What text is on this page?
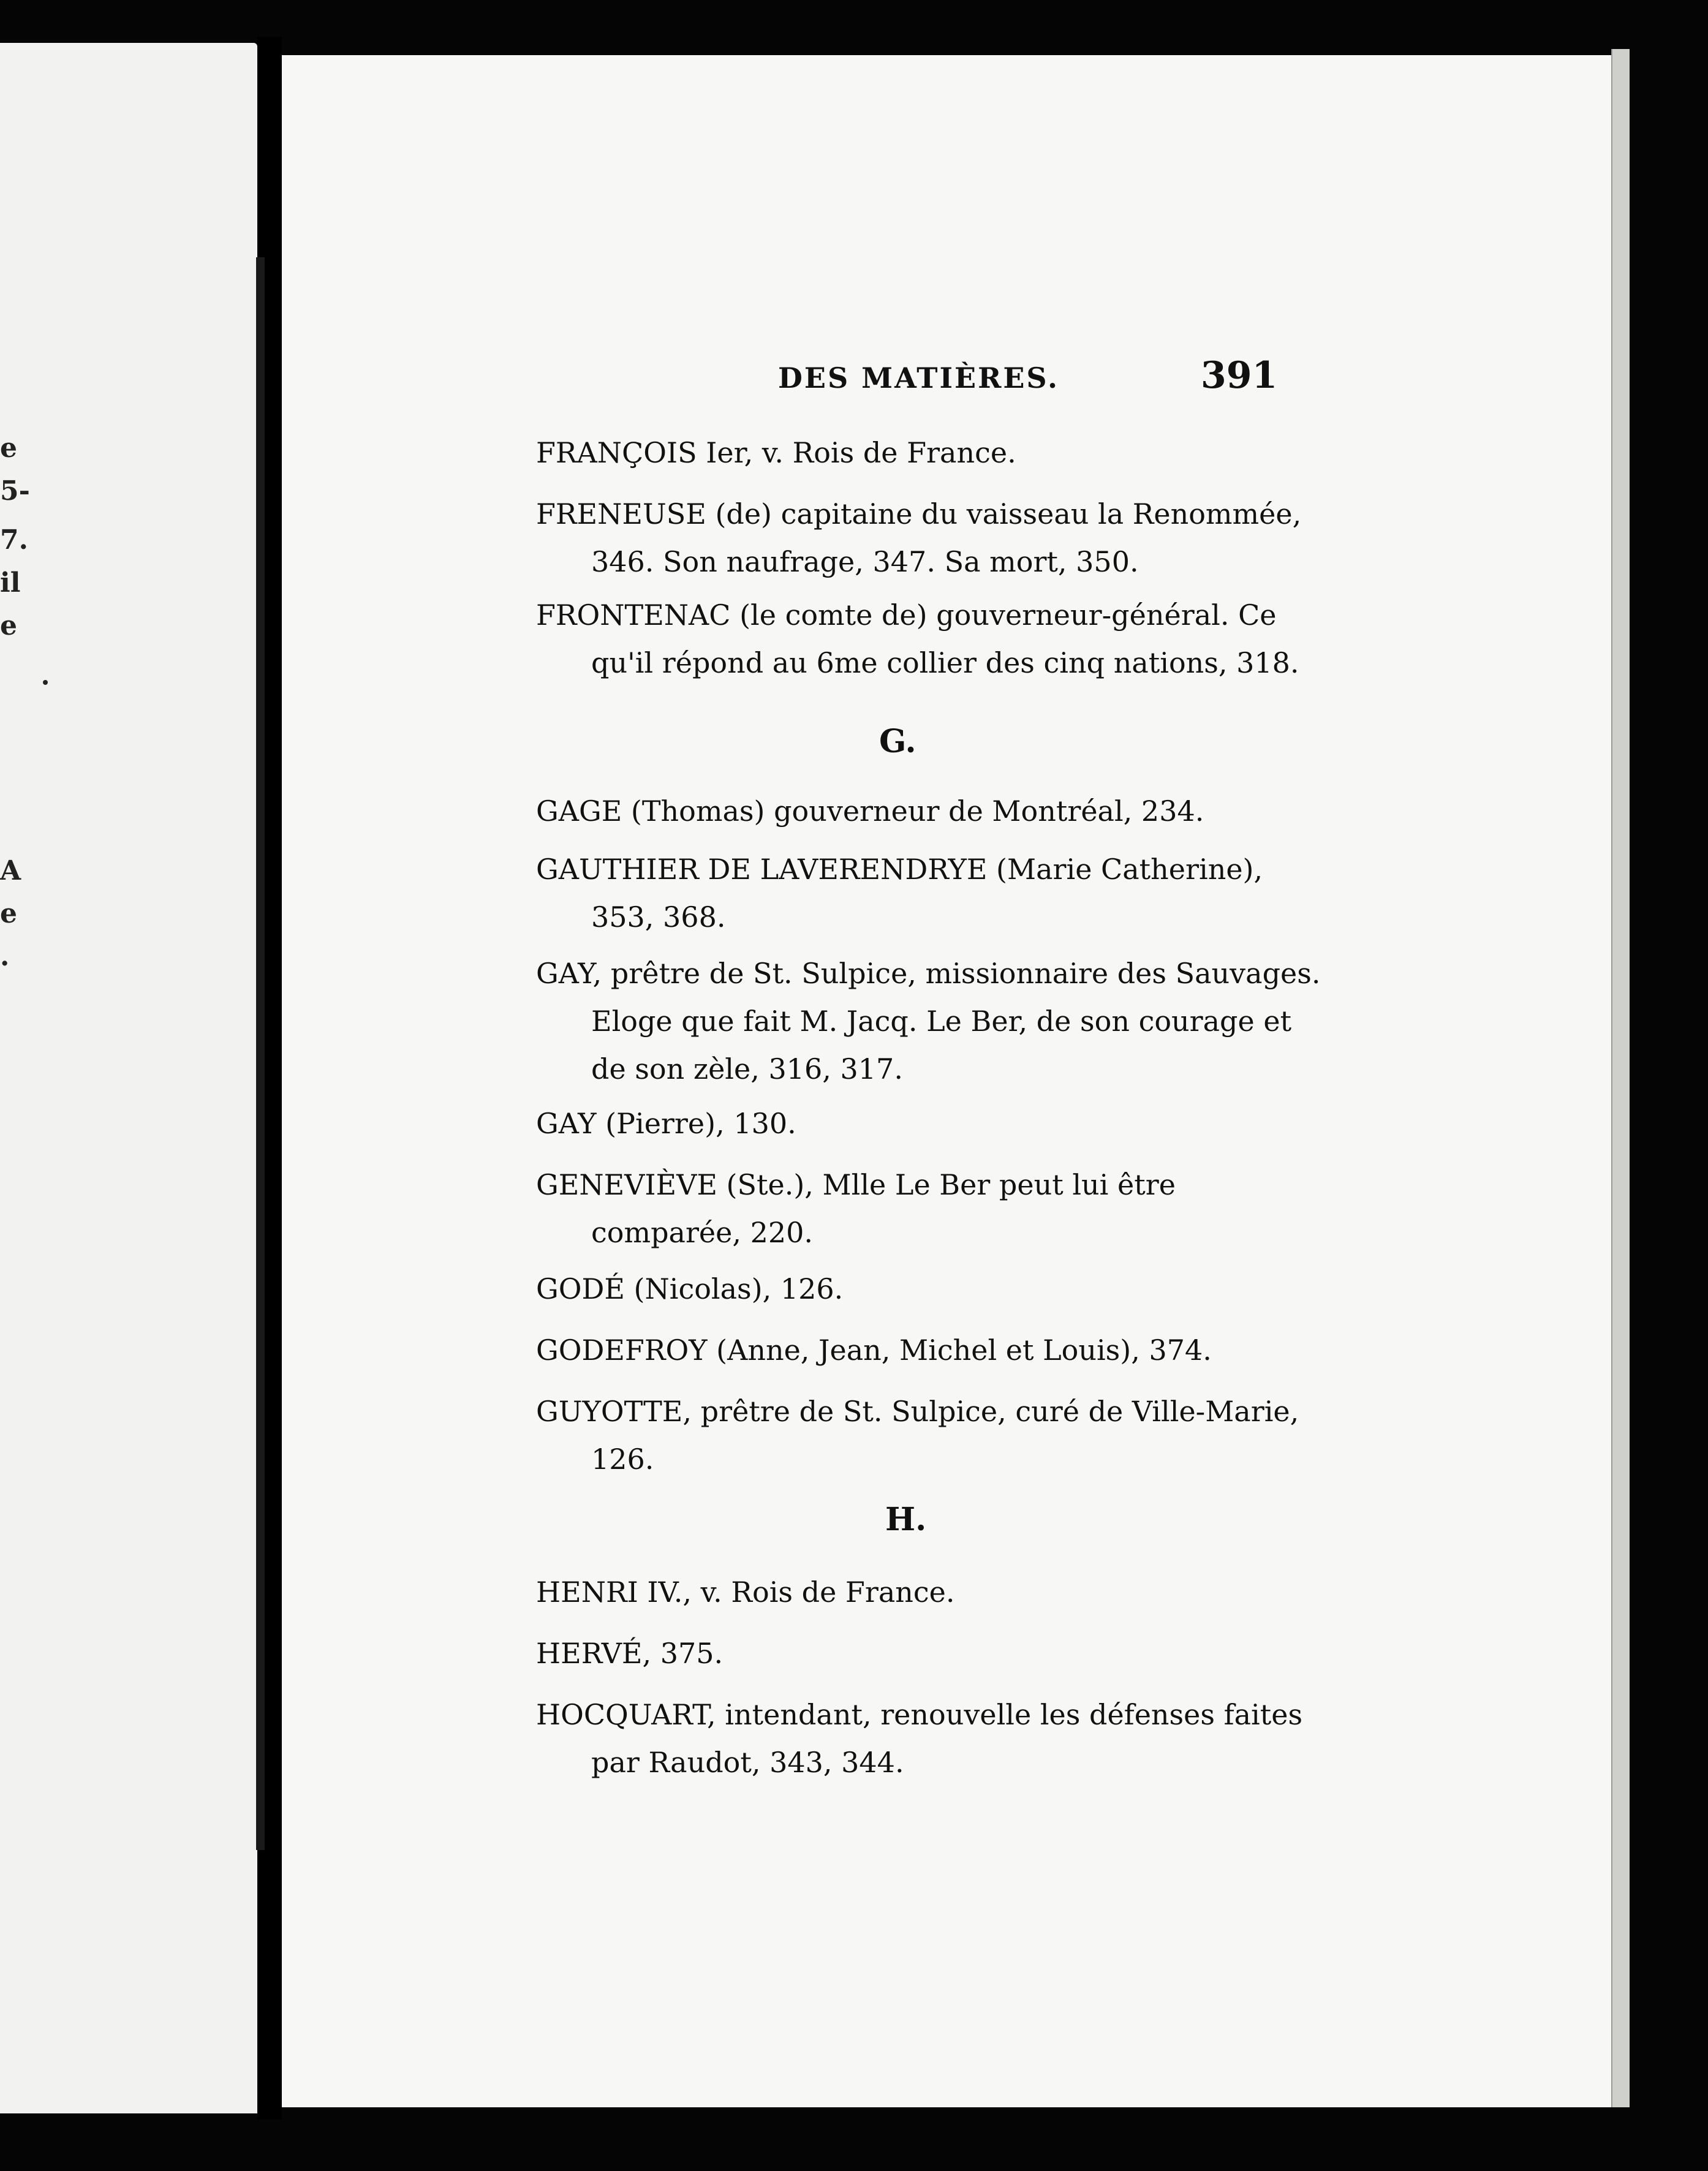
e
5-
7.
il
e
A
e
.
DES MATIÈRES.	391
FRANÇOIS Ier, v. Rois de France.
FRENEUSE (de) capitaine du vaisseau la Renommée, 346. Son naufrage, 347. Sa mort, 350.
FRONTENAC (le comte de) gouverneur-général. Ce qu'il répond au 6me collier des cinq nations, 318.
G.
GAGE (Thomas) gouverneur de Montréal, 234.
GAUTHIER DE LAVERENDRYE (Marie Catherine), 353, 368.
GAY, prêtre de St. Sulpice, missionnaire des Sauvages. Eloge que fait M. Jacq. Le Ber, de son courage et de son zèle, 316, 317.
GAY (Pierre), 130.
GENEVIÈVE (Ste.), Mlle Le Ber peut lui être comparée, 220.
GODÉ (Nicolas), 126.
GODEFROY (Anne, Jean, Michel et Louis), 374.
GUYOTTE, prêtre de St. Sulpice, curé de Ville-Marie, 126.
H.
HENRI IV., v. Rois de France.
HERVÉ, 375.
HOCQUART, intendant, renouvelle les défenses faites par Raudot, 343, 344.
